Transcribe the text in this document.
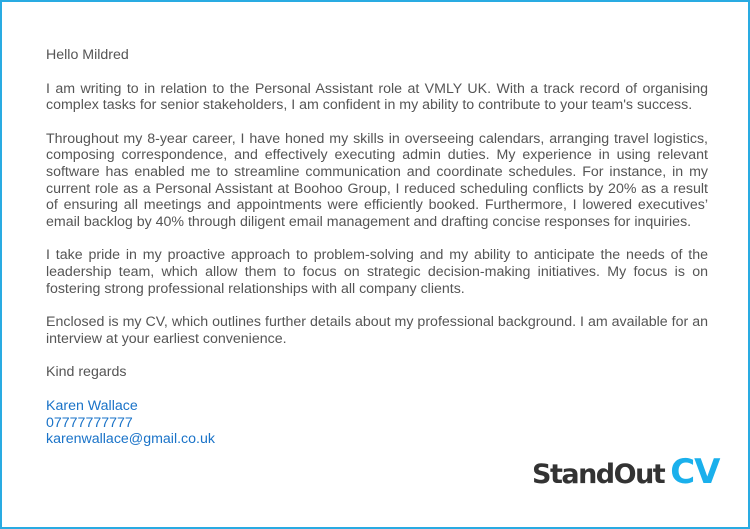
Hello Mildred

I am writing to in relation to the Personal Assistant role at VMLY UK. With a track record of organising complex tasks for senior stakeholders, I am confident in my ability to contribute to your team's success.

Throughout my 8-year career, I have honed my skills in overseeing calendars, arranging travel logistics, composing correspondence, and effectively executing admin duties. My experience in using relevant software has enabled me to streamline communication and coordinate schedules. For instance, in my current role as a Personal Assistant at Boohoo Group, I reduced scheduling conflicts by 20% as a result of ensuring all meetings and appointments were efficiently booked. Furthermore, I lowered executives’ email backlog by 40% through diligent email management and drafting concise responses for inquiries.

I take pride in my proactive approach to problem-solving and my ability to anticipate the needs of the leadership team, which allow them to focus on strategic decision-making initiatives. My focus is on fostering strong professional relationships with all company clients.

Enclosed is my CV, which outlines further details about my professional background. I am available for an interview at your earliest convenience.

Kind regards

Karen Wallace
07777777777
karenwallace@gmail.co.uk
StandOut CV
